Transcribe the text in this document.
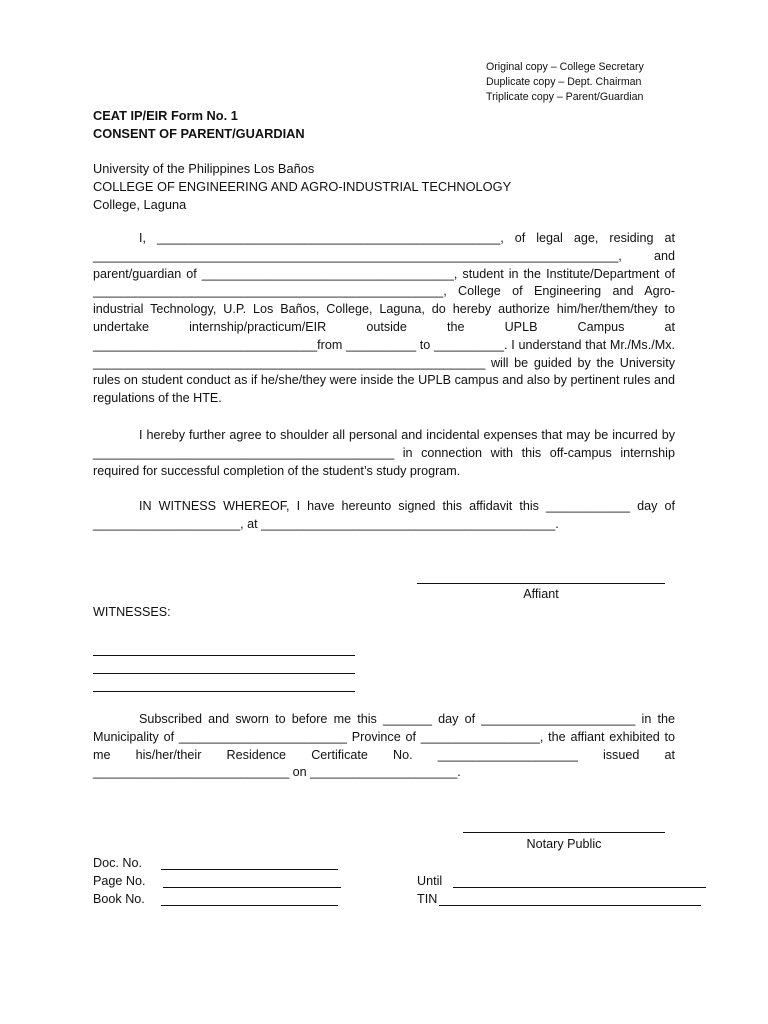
Original copy – College Secretary
Duplicate copy – Dept. Chairman
Triplicate copy – Parent/Guardian
CEAT IP/EIR Form No. 1
CONSENT OF PARENT/GUARDIAN
University of the Philippines Los Baños
COLLEGE OF ENGINEERING AND AGRO-INDUSTRIAL TECHNOLOGY
College, Laguna

I, _________________________________________________, of legal age, residing at ___________________________________________________________________________, and parent/guardian of ____________________________________, student in the Institute/Department of __________________________________________________, College of Engineering and Agro-industrial Technology, U.P. Los Baños, College, Laguna, do hereby authorize him/her/them/they to undertake internship/practicum/EIR outside the UPLB Campus at ________________________________from __________ to __________. I understand that Mr./Ms./Mx. ________________________________________________________ will be guided by the University rules on student conduct as if he/she/they were inside the UPLB campus and also by pertinent rules and regulations of the HTE.

I hereby further agree to shoulder all personal and incidental expenses that may be incurred by ___________________________________________ in connection with this off-campus internship required for successful completion of the student’s study program.

IN WITNESS WHEREOF, I have hereunto signed this affidavit this ____________ day of _____________________, at __________________________________________.

Affiant
WITNESSES:

Subscribed and sworn to before me this _______ day of ______________________ in the Municipality of ________________________ Province of _________________, the affiant exhibited to me his/her/their Residence Certificate No. ____________________ issued at ____________________________ on _____________________.

Notary Public
Doc. No.
Page No.
Book No.
Until
TIN
